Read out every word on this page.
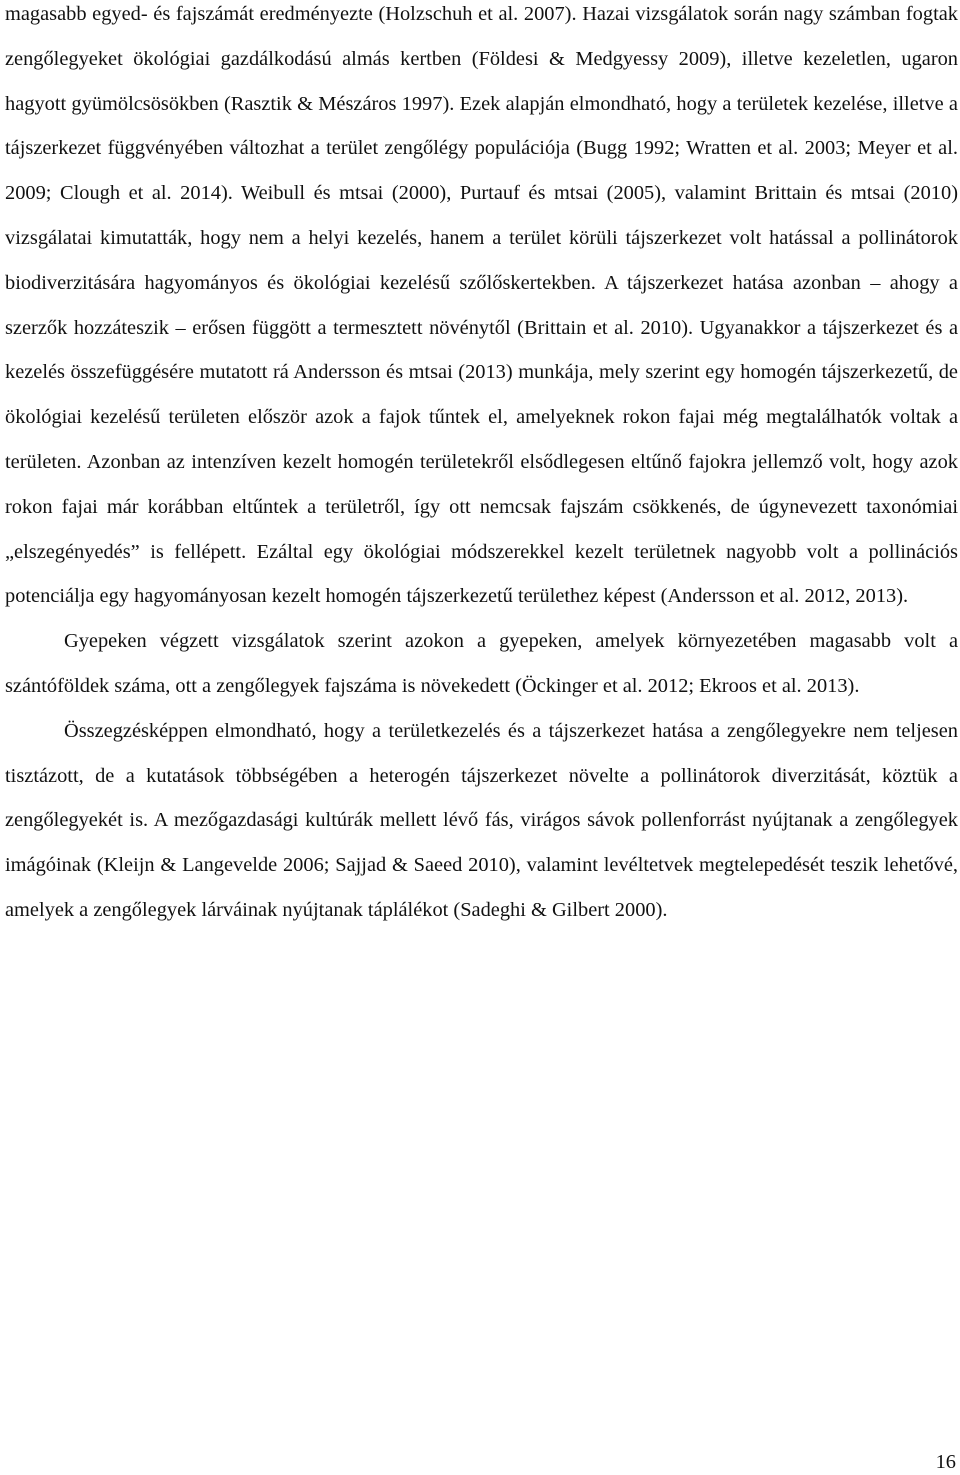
magasabb egyed- és fajszámát eredményezte (Holzschuh et al. 2007). Hazai vizsgálatok során nagy számban fogtak zengőlegyeket ökológiai gazdálkodású almás kertben (Földesi & Medgyessy 2009), illetve kezeletlen, ugaron hagyott gyümölcsösökben (Rasztik & Mészáros 1997). Ezek alapján elmondható, hogy a területek kezelése, illetve a tájszerkezet függvényében változhat a terület zengőlégy populációja (Bugg 1992; Wratten et al. 2003; Meyer et al. 2009; Clough et al. 2014). Weibull és mtsai (2000), Purtauf és mtsai (2005), valamint Brittain és mtsai (2010) vizsgálatai kimutatták, hogy nem a helyi kezelés, hanem a terület körüli tájszerkezet volt hatással a pollinátorok biodiverzitására hagyományos és ökológiai kezelésű szőlőskertekben. A tájszerkezet hatása azonban – ahogy a szerzők hozzáteszik – erősen függött a termesztett növénytől (Brittain et al. 2010). Ugyanakkor a tájszerkezet és a kezelés összefüggésére mutatott rá Andersson és mtsai (2013) munkája, mely szerint egy homogén tájszerkezetű, de ökológiai kezelésű területen először azok a fajok tűntek el, amelyeknek rokon fajai még megtalálhatók voltak a területen. Azonban az intenzíven kezelt homogén területekről elsődlegesen eltűnő fajokra jellemző volt, hogy azok rokon fajai már korábban eltűntek a területről, így ott nemcsak fajszám csökkenés, de úgynevezett taxonómiai „elszegényedés” is fellépett. Ezáltal egy ökológiai módszerekkel kezelt területnek nagyobb volt a pollinációs potenciálja egy hagyományosan kezelt homogén tájszerkezetű területhez képest (Andersson et al. 2012, 2013).

Gyepeken végzett vizsgálatok szerint azokon a gyepeken, amelyek környezetében magasabb volt a szántóföldek száma, ott a zengőlegyek fajszáma is növekedett (Öckinger et al. 2012; Ekroos et al. 2013).

Összegzésképpen elmondható, hogy a területkezelés és a tájszerkezet hatása a zengőlegyekre nem teljesen tisztázott, de a kutatások többségében a heterogén tájszerkezet növelte a pollinátorok diverzitását, köztük a zengőlegyekét is. A mezőgazdasági kultúrák mellett lévő fás, virágos sávok pollenforrást nyújtanak a zengőlegyek imágóinak (Kleijn & Langevelde 2006; Sajjad & Saeed 2010), valamint levéltetvek megtelepedését teszik lehetővé, amelyek a zengőlegyek lárváinak nyújtanak táplálékot (Sadeghi & Gilbert 2000).

16
